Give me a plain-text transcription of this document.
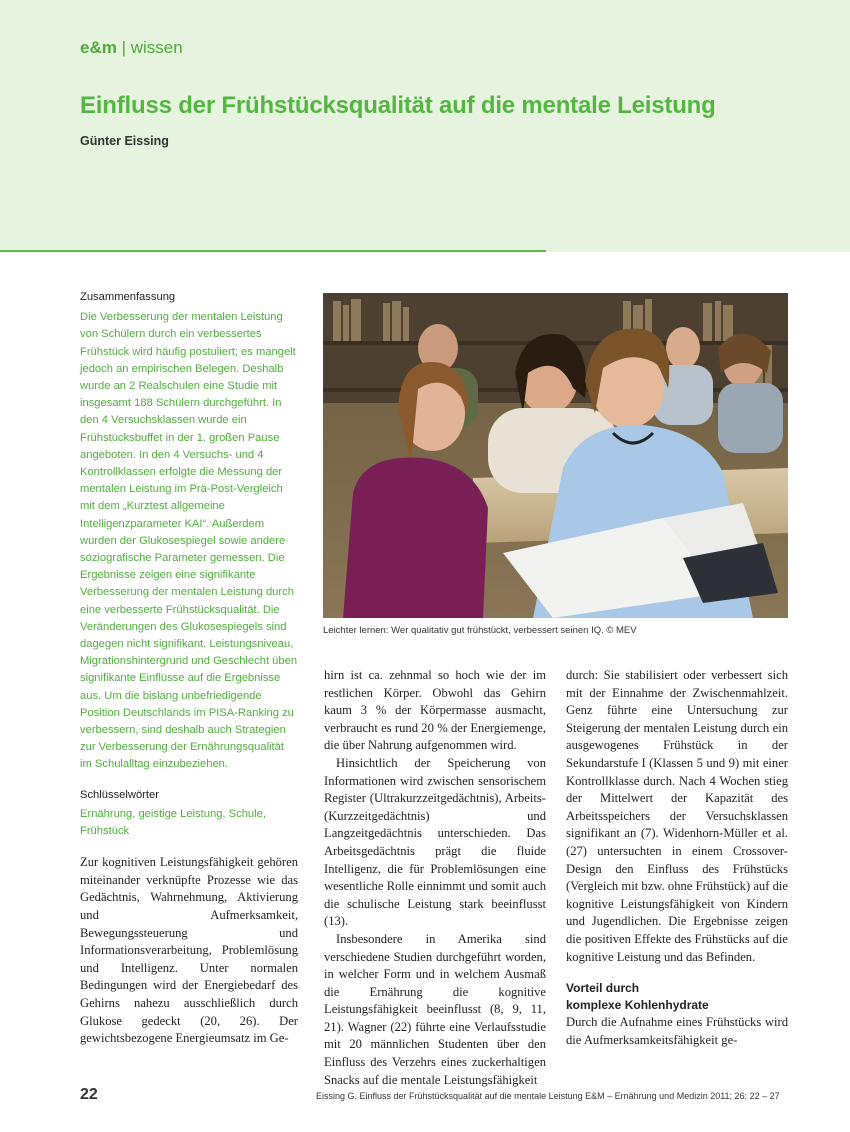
e&m | wissen
Einfluss der Frühstücksqualität auf die mentale Leistung
Günter Eissing
Zusammenfassung
Die Verbesserung der mentalen Leistung von Schülern durch ein verbessertes Frühstück wird häufig postuliert; es mangelt jedoch an empirischen Belegen. Deshalb wurde an 2 Realschulen eine Studie mit insgesamt 188 Schülern durchgeführt. In den 4 Versuchsklassen wurde ein Frühstücksbuffet in der 1. großen Pause angeboten. In den 4 Versuchs- und 4 Kontrollklassen erfolgte die Messung der mentalen Leistung im Prä-Post-Vergleich mit dem „Kurztest allgemeine Intelligenzparameter KAI“. Außerdem wurden der Glukosespiegel sowie andere soziografische Parameter gemessen. Die Ergebnisse zeigen eine signifikante Verbesserung der mentalen Leistung durch eine verbesserte Frühstücksqualität. Die Veränderungen des Glukosespiegels sind dagegen nicht signifikant. Leistungsniveau, Migrationshintergrund und Geschlecht üben signifikante Einflüsse auf die Ergebnisse aus. Um die bislang unbefriedigende Position Deutschlands im PISA-Ranking zu verbessern, sind deshalb auch Strategien zur Verbesserung der Ernährungsqualität im Schulalltag einzubeziehen.
Schlüsselwörter
Ernährung, geistige Leistung, Schule, Frühstück
Zur kognitiven Leistungsfähigkeit gehören miteinander verknüpfte Prozesse wie das Gedächtnis, Wahrnehmung, Aktivierung und Aufmerksamkeit, Bewegungssteuerung und Informationsverarbeitung, Problemlösung und Intelligenz. Unter normalen Bedingungen wird der Energiebedarf des Gehirns nahezu ausschließlich durch Glukose gedeckt (20, 26). Der gewichtsbezogene Energieumsatz im Ge-
Leichter lernen: Wer qualitativ gut frühstückt, verbessert seinen IQ. © MEV

hirn ist ca. zehnmal so hoch wie der im restlichen Körper. Obwohl das Gehirn kaum 3 % der Körpermasse ausmacht, verbraucht es rund 20 % der Energiemenge, die über Nahrung aufgenommen wird.

Hinsichtlich der Speicherung von Informationen wird zwischen sensorischem Register (Ultrakurzzeitgedächtnis), Arbeits- (Kurzzeitgedächtnis) und Langzeitgedächtnis unterschieden. Das Arbeitsgedächtnis prägt die fluide Intelligenz, die für Problemlösungen eine wesentliche Rolle einnimmt und somit auch die schulische Leistung stark beeinflusst (13).

Insbesondere in Amerika sind verschiedene Studien durchgeführt worden, in welcher Form und in welchem Ausmaß die Ernährung die kognitive Leistungsfähigkeit beeinflusst (8, 9, 11, 21). Wagner (22) führte eine Verlaufsstudie mit 20 männlichen Studenten über den Einfluss des Verzehrs eines zuckerhaltigen Snacks auf die mentale Leistungsfähigkeit

durch: Sie stabilisiert oder verbessert sich mit der Einnahme der Zwischenmahlzeit. Genz führte eine Untersuchung zur Steigerung der mentalen Leistung durch ein ausgewogenes Frühstück in der Sekundarstufe I (Klassen 5 und 9) mit einer Kontrollklasse durch. Nach 4 Wochen stieg der Mittelwert der Kapazität des Arbeitsspeichers der Versuchsklassen signifikant an (7). Widenhorn-Müller et al. (27) untersuchten in einem Crossover-Design den Einfluss des Frühstücks (Vergleich mit bzw. ohne Frühstück) auf die kognitive Leistungsfähigkeit von Kindern und Jugendlichen. Die Ergebnisse zeigen die positiven Effekte des Frühstücks auf die kognitive Leistung und das Befinden.

Vorteil durch
komplexe Kohlenhydrate

Durch die Aufnahme eines Frühstücks wird die Aufmerksamkeitsfähigkeit ge-

22	Eissing G. Einfluss der Frühstücksqualität auf die mentale Leistung E&M – Ernährung und Medizin 2011; 26: 22 – 27
